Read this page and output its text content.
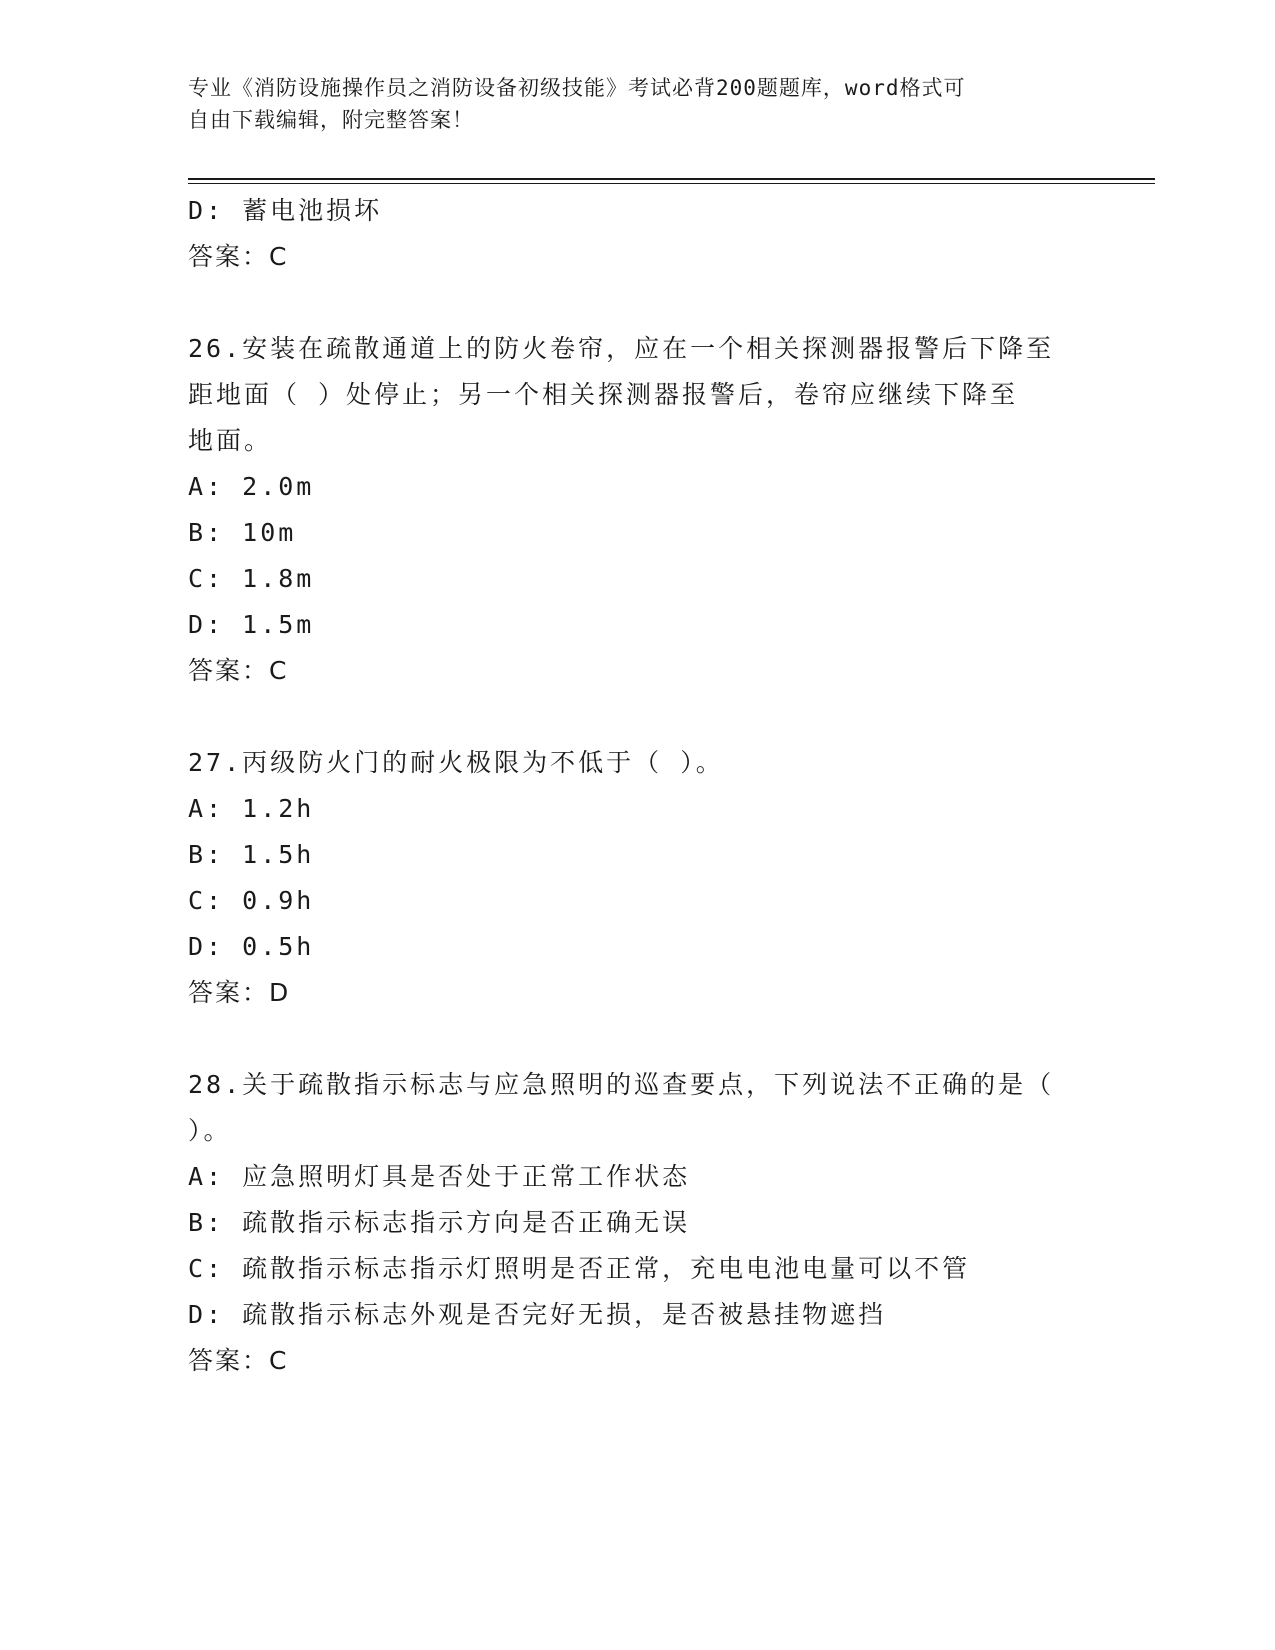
专业《消防设施操作员之消防设备初级技能》考试必背200题题库，word格式可
自由下载编辑，附完整答案！
D: 蓄电池损坏
答案：C
26.安装在疏散通道上的防火卷帘，应在一个相关探测器报警后下降至
距地面（ ）处停止；另一个相关探测器报警后，卷帘应继续下降至
地面。
A: 2.0m
B: 10m
C: 1.8m
D: 1.5m
答案：C
27.丙级防火门的耐火极限为不低于（ ）。
A: 1.2h
B: 1.5h
C: 0.9h
D: 0.5h
答案：D
28.关于疏散指示标志与应急照明的巡查要点，下列说法不正确的是（
）。
A: 应急照明灯具是否处于正常工作状态
B: 疏散指示标志指示方向是否正确无误
C: 疏散指示标志指示灯照明是否正常，充电电池电量可以不管
D: 疏散指示标志外观是否完好无损，是否被悬挂物遮挡
答案：C
